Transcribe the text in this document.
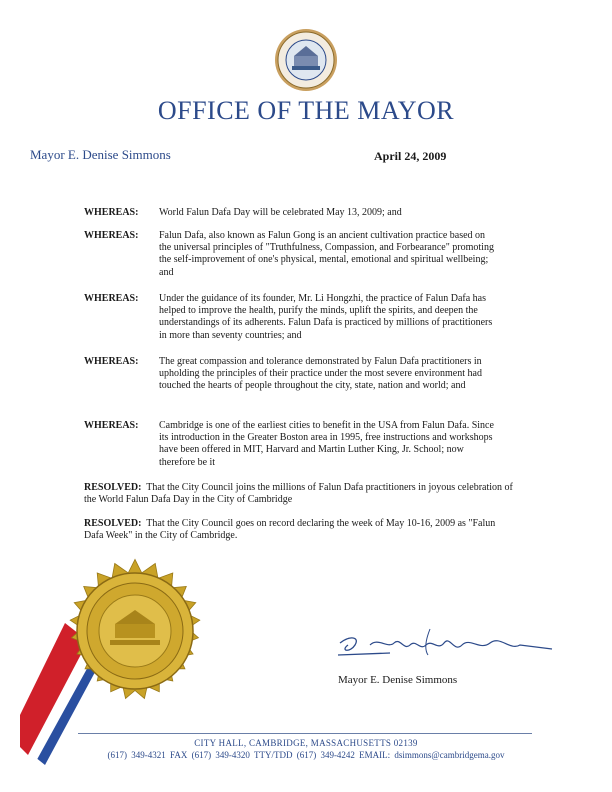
OFFICE OF THE MAYOR
Mayor E. Denise Simmons	April 24, 2009
WHEREAS: World Falun Dafa Day will be celebrated May 13, 2009; and
WHEREAS: Falun Dafa, also known as Falun Gong is an ancient cultivation practice based on the universal principles of "Truthfulness, Compassion, and Forbearance" promoting the self-improvement of one's physical, mental, emotional and spiritual wellbeing; and
WHEREAS: Under the guidance of its founder, Mr. Li Hongzhi, the practice of Falun Dafa has helped to improve the health, purify the minds, uplift the spirits, and deepen the understandings of its adherents. Falun Dafa is practiced by millions of practitioners in more than seventy countries; and
WHEREAS: The great compassion and tolerance demonstrated by Falun Dafa practitioners in upholding the principles of their practice under the most severe environment had touched the hearts of people throughout the city, state, nation and world; and
WHEREAS: Cambridge is one of the earliest cities to benefit in the USA from Falun Dafa. Since its introduction in the Greater Boston area in 1995, free instructions and workshops have been offered in MIT, Harvard and Martin Luther King, Jr. School; now therefore be it
RESOLVED: That the City Council joins the millions of Falun Dafa practitioners in joyous celebration of the World Falun Dafa Day in the City of Cambridge
RESOLVED: That the City Council goes on record declaring the week of May 10-16, 2009 as "Falun Dafa Week" in the City of Cambridge.
Mayor E. Denise Simmons
CITY HALL, CAMBRIDGE, MASSACHUSETTS 02139
(617) 349-4321 FAX (617) 349-4320 TTY/TDD (617) 349-4242 EMAIL: dsimmons@cambridgema.gov
